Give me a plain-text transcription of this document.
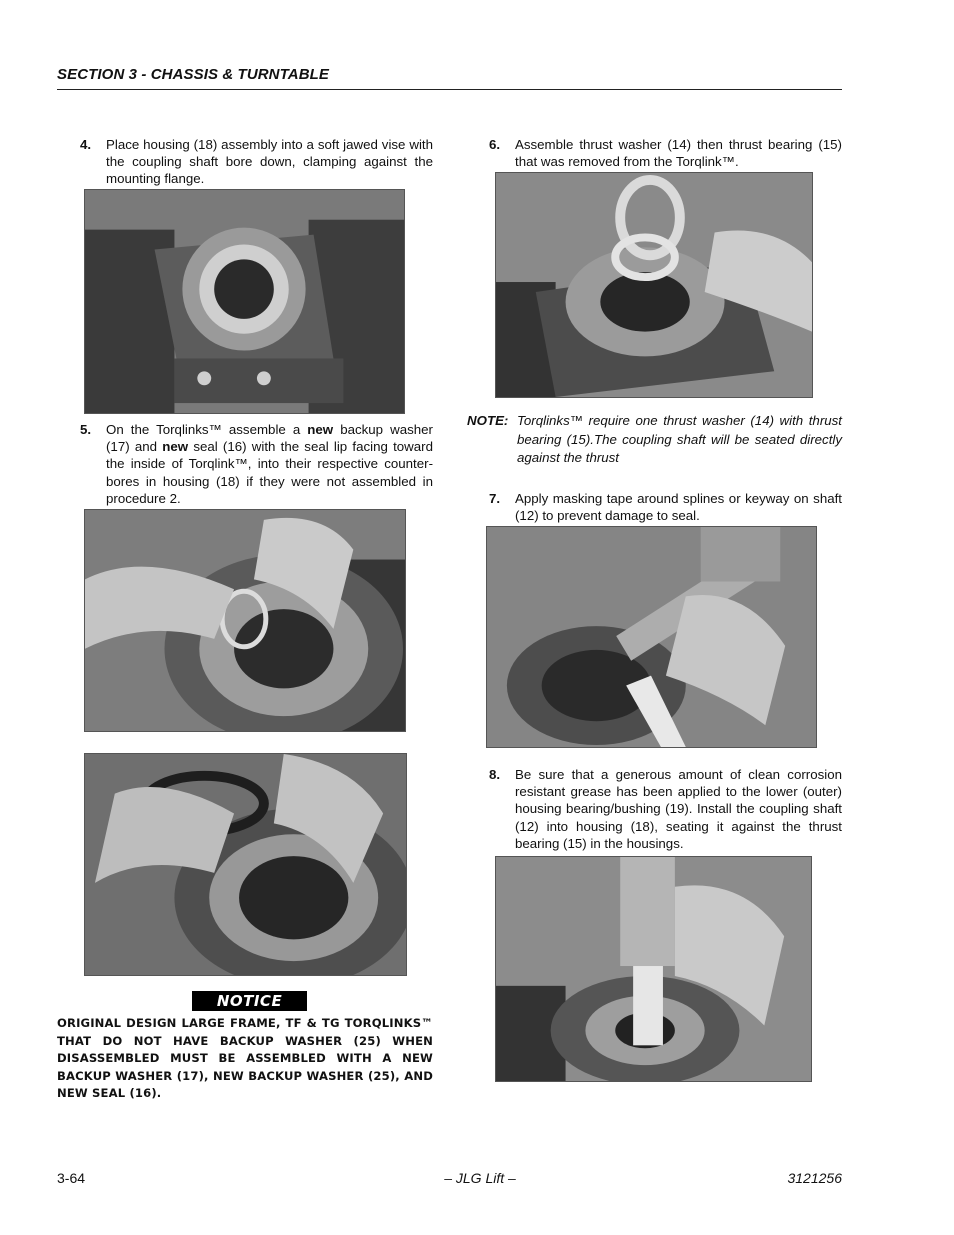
SECTION 3 - CHASSIS & TURNTABLE
4. Place housing (18) assembly into a soft jawed vise with the coupling shaft bore down, clamping against the mounting flange.
5. On the Torqlinks™ assemble a new backup washer (17) and new seal (16) with the seal lip facing toward the inside of Torqlink™, into their respective counter-bores in housing (18) if they were not assembled in procedure 2.
6. Assemble thrust washer (14) then thrust bearing (15) that was removed from the Torqlink™.
NOTE: Torqlinks™ require one thrust washer (14) with thrust bearing (15).The coupling shaft will be seated directly against the thrust
7. Apply masking tape around splines or keyway on shaft (12) to prevent damage to seal.
8. Be sure that a generous amount of clean corrosion resistant grease has been applied to the lower (outer) housing bearing/bushing (19). Install the coupling shaft (12) into housing (18), seating it against the thrust bearing (15) in the housings.
NOTICE
ORIGINAL DESIGN LARGE FRAME, TF & TG TORQLINKS™ THAT DO NOT HAVE BACKUP WASHER (25) WHEN DISASSEMBLED MUST BE ASSEMBLED WITH A NEW BACKUP WASHER (17), NEW BACKUP WASHER (25), AND NEW SEAL (16).
3-64	– JLG Lift –	3121256
